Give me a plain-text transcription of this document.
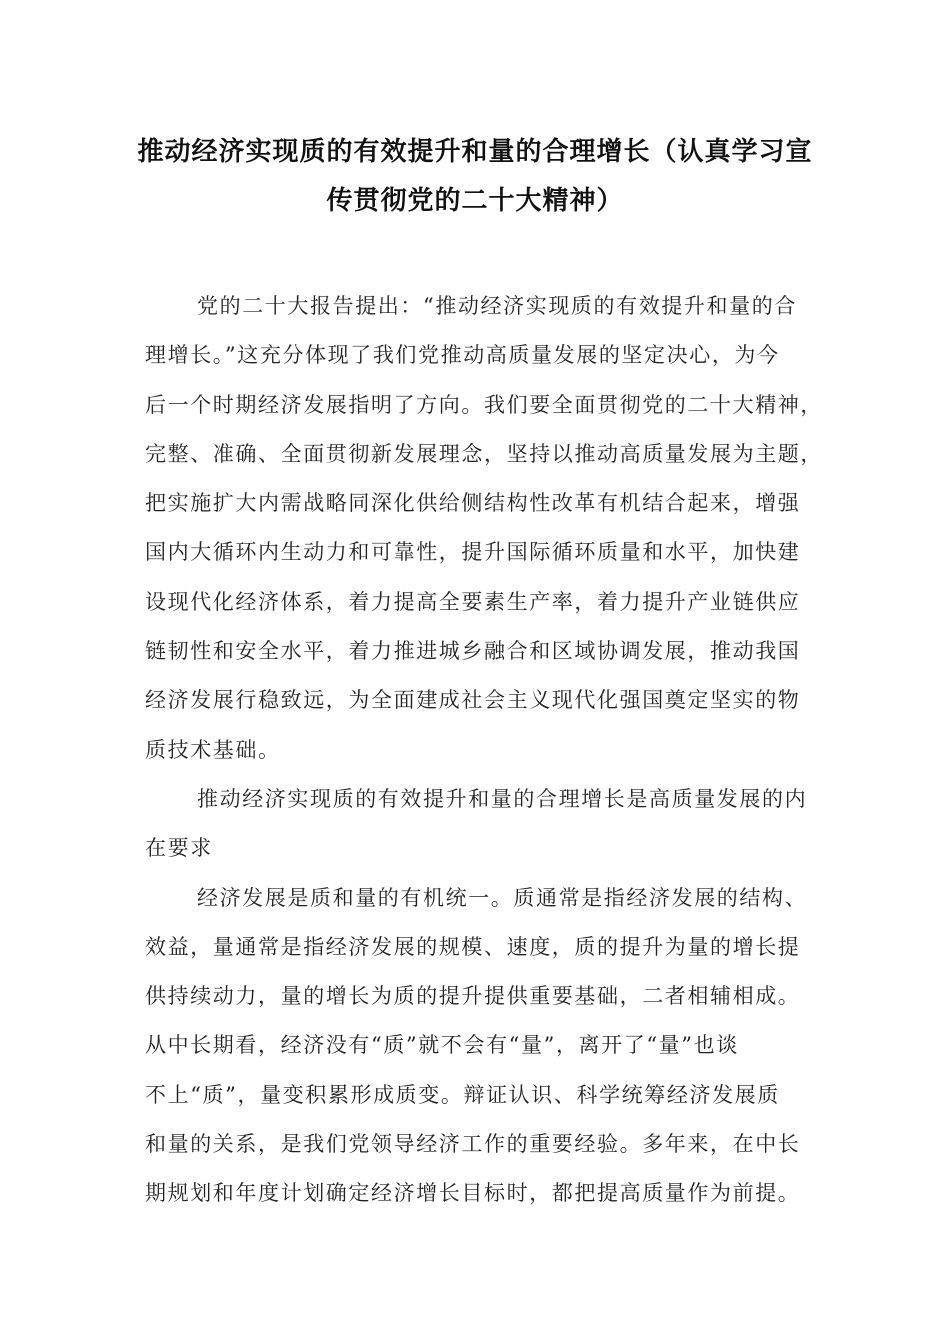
推动经济实现质的有效提升和量的合理增长（认真学习宣
传贯彻党的二十大精神）

党的二十大报告提出：“推动经济实现质的有效提升和量的合
理增长。”这充分体现了我们党推动高质量发展的坚定决心，为今
后一个时期经济发展指明了方向。我们要全面贯彻党的二十大精神，
完整、准确、全面贯彻新发展理念，坚持以推动高质量发展为主题，
把实施扩大内需战略同深化供给侧结构性改革有机结合起来，增强
国内大循环内生动力和可靠性，提升国际循环质量和水平，加快建
设现代化经济体系，着力提高全要素生产率，着力提升产业链供应
链韧性和安全水平，着力推进城乡融合和区域协调发展，推动我国
经济发展行稳致远，为全面建成社会主义现代化强国奠定坚实的物
质技术基础。

推动经济实现质的有效提升和量的合理增长是高质量发展的内
在要求

经济发展是质和量的有机统一。质通常是指经济发展的结构、
效益，量通常是指经济发展的规模、速度，质的提升为量的增长提
供持续动力，量的增长为质的提升提供重要基础，二者相辅相成。
从中长期看，经济没有“质”就不会有“量”，离开了“量”也谈
不上“质”，量变积累形成质变。辩证认识、科学统筹经济发展质
和量的关系，是我们党领导经济工作的重要经验。多年来，在中长
期规划和年度计划确定经济增长目标时，都把提高质量作为前提。
